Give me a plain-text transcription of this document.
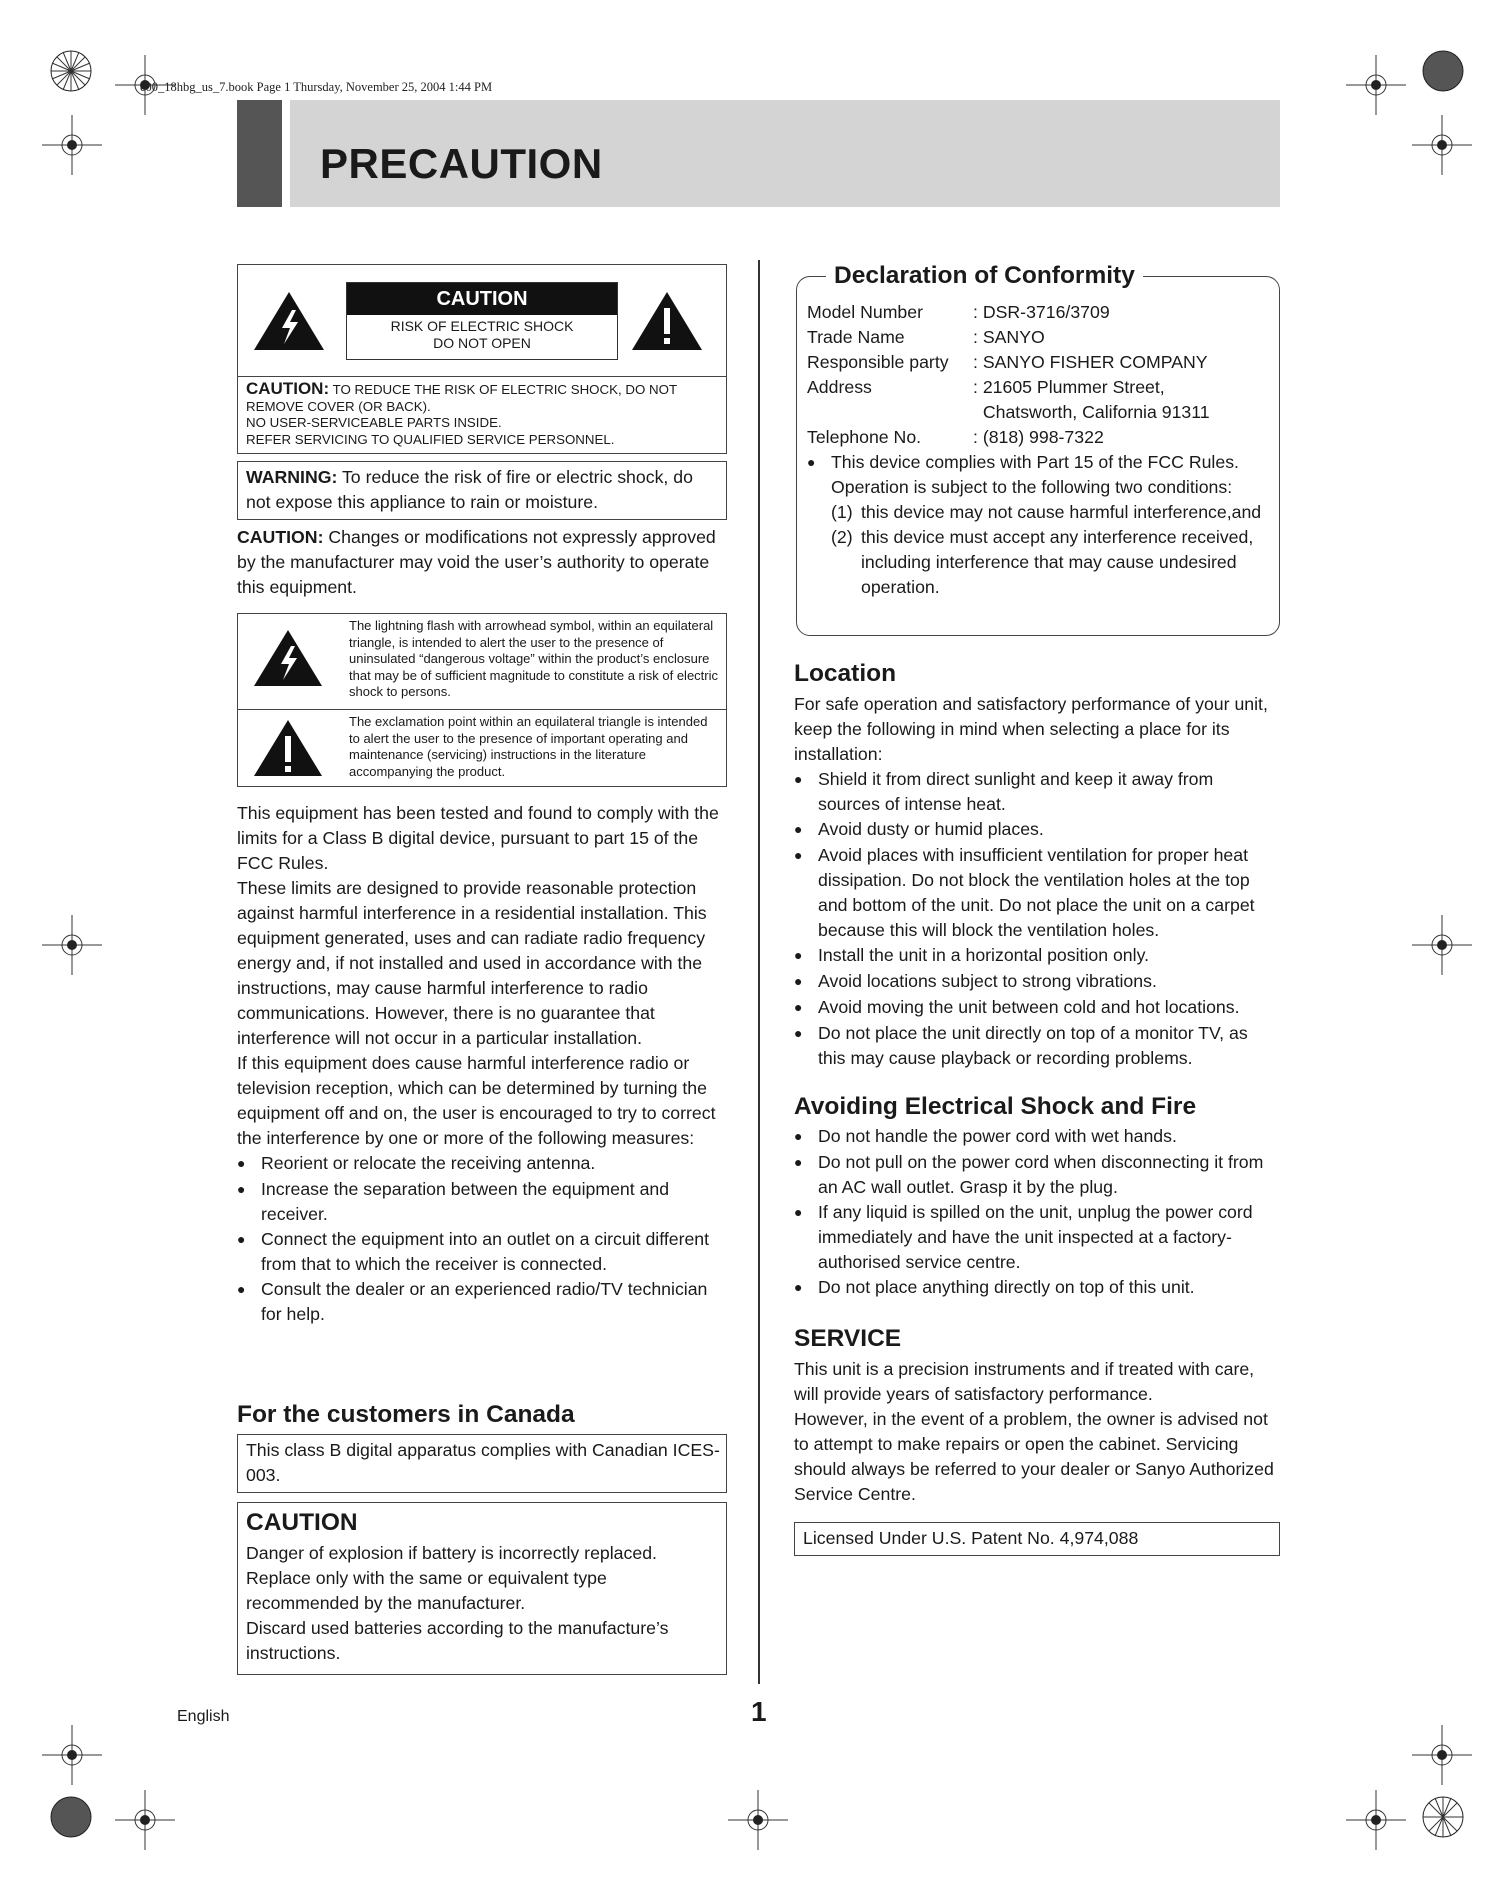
e00_18hbg_us_7.book Page 1 Thursday, November 25, 2004 1:44 PM
PRECAUTION
CAUTION
RISK OF ELECTRIC SHOCK
DO NOT OPEN
CAUTION: TO REDUCE THE RISK OF ELECTRIC SHOCK, DO NOT REMOVE COVER (OR BACK).
NO USER-SERVICEABLE PARTS INSIDE.
REFER SERVICING TO QUALIFIED SERVICE PERSONNEL.
WARNING: To reduce the risk of fire or electric shock, do not expose this appliance to rain or moisture.
CAUTION: Changes or modifications not expressly approved by the manufacturer may void the user’s authority to operate this equipment.
The lightning flash with arrowhead symbol, within an equilateral triangle, is intended to alert the user to the presence of uninsulated “dangerous voltage” within the product’s enclosure that may be of sufficient magnitude to constitute a risk of electric shock to persons.
The exclamation point within an equilateral triangle is intended to alert the user to the presence of important operating and maintenance (servicing) instructions in the literature accompanying the product.

This equipment has been tested and found to comply with the limits for a Class B digital device, pursuant to part 15 of the FCC Rules.

These limits are designed to provide reasonable protection against harmful interference in a residential installation. This equipment generated, uses and can radiate radio frequency energy and, if not installed and used in accordance with the instructions, may cause harmful interference to radio communications. However, there is no guarantee that interference will not occur in a particular installation.

If this equipment does cause harmful interference radio or television reception, which can be determined by turning the equipment off and on, the user is encouraged to try to correct the interference by one or more of the following measures:

●
Reorient or relocate the receiving antenna.
●
Increase the separation between the equipment and receiver.
●
Connect the equipment into an outlet on a circuit different from that to which the receiver is connected.
●
Consult the dealer or an experienced radio/TV technician for help.
For the customers in Canada
This class B digital apparatus complies with Canadian ICES-003.
CAUTION

Danger of explosion if battery is incorrectly replaced.

Replace only with the same or equivalent type recommended by the manufacturer.

Discard used batteries according to the manufacture’s instructions.

Declaration of Conformity
Model Number	: DSR-3716/3709
Trade Name	: SANYO
Responsible party	: SANYO FISHER COMPANY
Address	: 21605 Plummer Street,
	Chatsworth, California 91311
Telephone No.	: (818) 998-7322
●
This device complies with Part 15 of the FCC Rules. Operation is subject to the following two conditions:
(1) this device may not cause harmful interference,and
(2) this device must accept any interference received, including interference that may cause undesired operation.
Location

For safe operation and satisfactory performance of your unit, keep the following in mind when selecting a place for its installation:

●
Shield it from direct sunlight and keep it away from sources of intense heat.
●
Avoid dusty or humid places.
●
Avoid places with insufficient ventilation for proper heat dissipation. Do not block the ventilation holes at the top and bottom of the unit. Do not place the unit on a carpet because this will block the ventilation holes.
●
Install the unit in a horizontal position only.
●
Avoid locations subject to strong vibrations.
●
Avoid moving the unit between cold and hot locations.
●
Do not place the unit directly on top of a monitor TV, as this may cause playback or recording problems.
Avoiding Electrical Shock and Fire
●
Do not handle the power cord with wet hands.
●
Do not pull on the power cord when disconnecting it from an AC wall outlet. Grasp it by the plug.
●
If any liquid is spilled on the unit, unplug the power cord immediately and have the unit inspected at a factory-authorised service centre.
●
Do not place anything directly on top of this unit.
SERVICE

This unit is a precision instruments and if treated with care, will provide years of satisfactory performance.

However, in the event of a problem, the owner is advised not to attempt to make repairs or open the cabinet. Servicing should always be referred to your dealer or Sanyo Authorized Service Centre.

Licensed Under U.S. Patent No. 4,974,088
English	1
